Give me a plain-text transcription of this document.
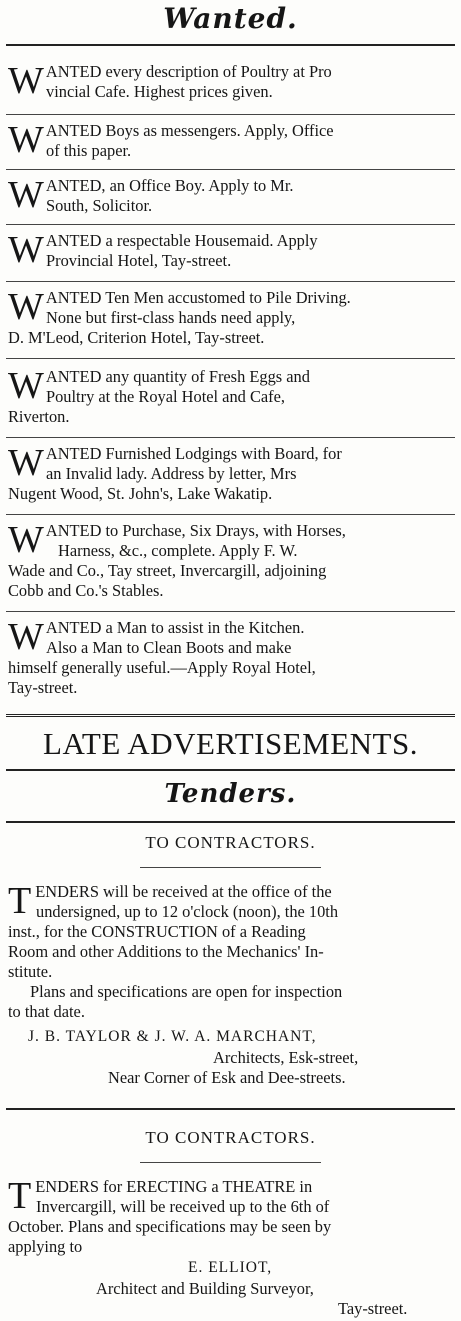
Wanted.
W ANTED every description of Poultry at Pro

vincial Cafe. Highest prices given.
W ANTED Boys as messengers. Apply, Office

of this paper.
W ANTED, an Office Boy. Apply to Mr.

South, Solicitor.
W ANTED a respectable Housemaid. Apply

Provincial Hotel, Tay-street.
W ANTED Ten Men accustomed to Pile Driving.

None but first-class hands need apply,

D. M'Leod, Criterion Hotel, Tay-street.

W ANTED any quantity of Fresh Eggs and

Poultry at the Royal Hotel and Cafe,

Riverton.

W ANTED Furnished Lodgings with Board, for

an Invalid lady. Address by letter, Mrs

Nugent Wood, St. John's, Lake Wakatip.

W ANTED to Purchase, Six Drays, with Horses,

Harness, &c., complete. Apply F. W.

Wade and Co., Tay street, Invercargill, adjoining

Cobb and Co.'s Stables.

W ANTED a Man to assist in the Kitchen.

Also a Man to Clean Boots and make

himself generally useful.—Apply Royal Hotel,

Tay-street.

LATE ADVERTISEMENTS.
Tenders.
TO CONTRACTORS.
T ENDERS will be received at the office of the

undersigned, up to 12 o'clock (noon), the 10th

inst., for the CONSTRUCTION of a Reading

Room and other Additions to the Mechanics' In-

stitute.

Plans and specifications are open for inspection

to that date.

J. B. TAYLOR & J. W. A. MARCHANT,

Architects, Esk-street,

Near Corner of Esk and Dee-streets.

TO CONTRACTORS.
T ENDERS for ERECTING a THEATRE in

Invercargill, will be received up to the 6th of

October. Plans and specifications may be seen by

applying to

E. ELLIOT,

Architect and Building Surveyor,

Tay-street.
